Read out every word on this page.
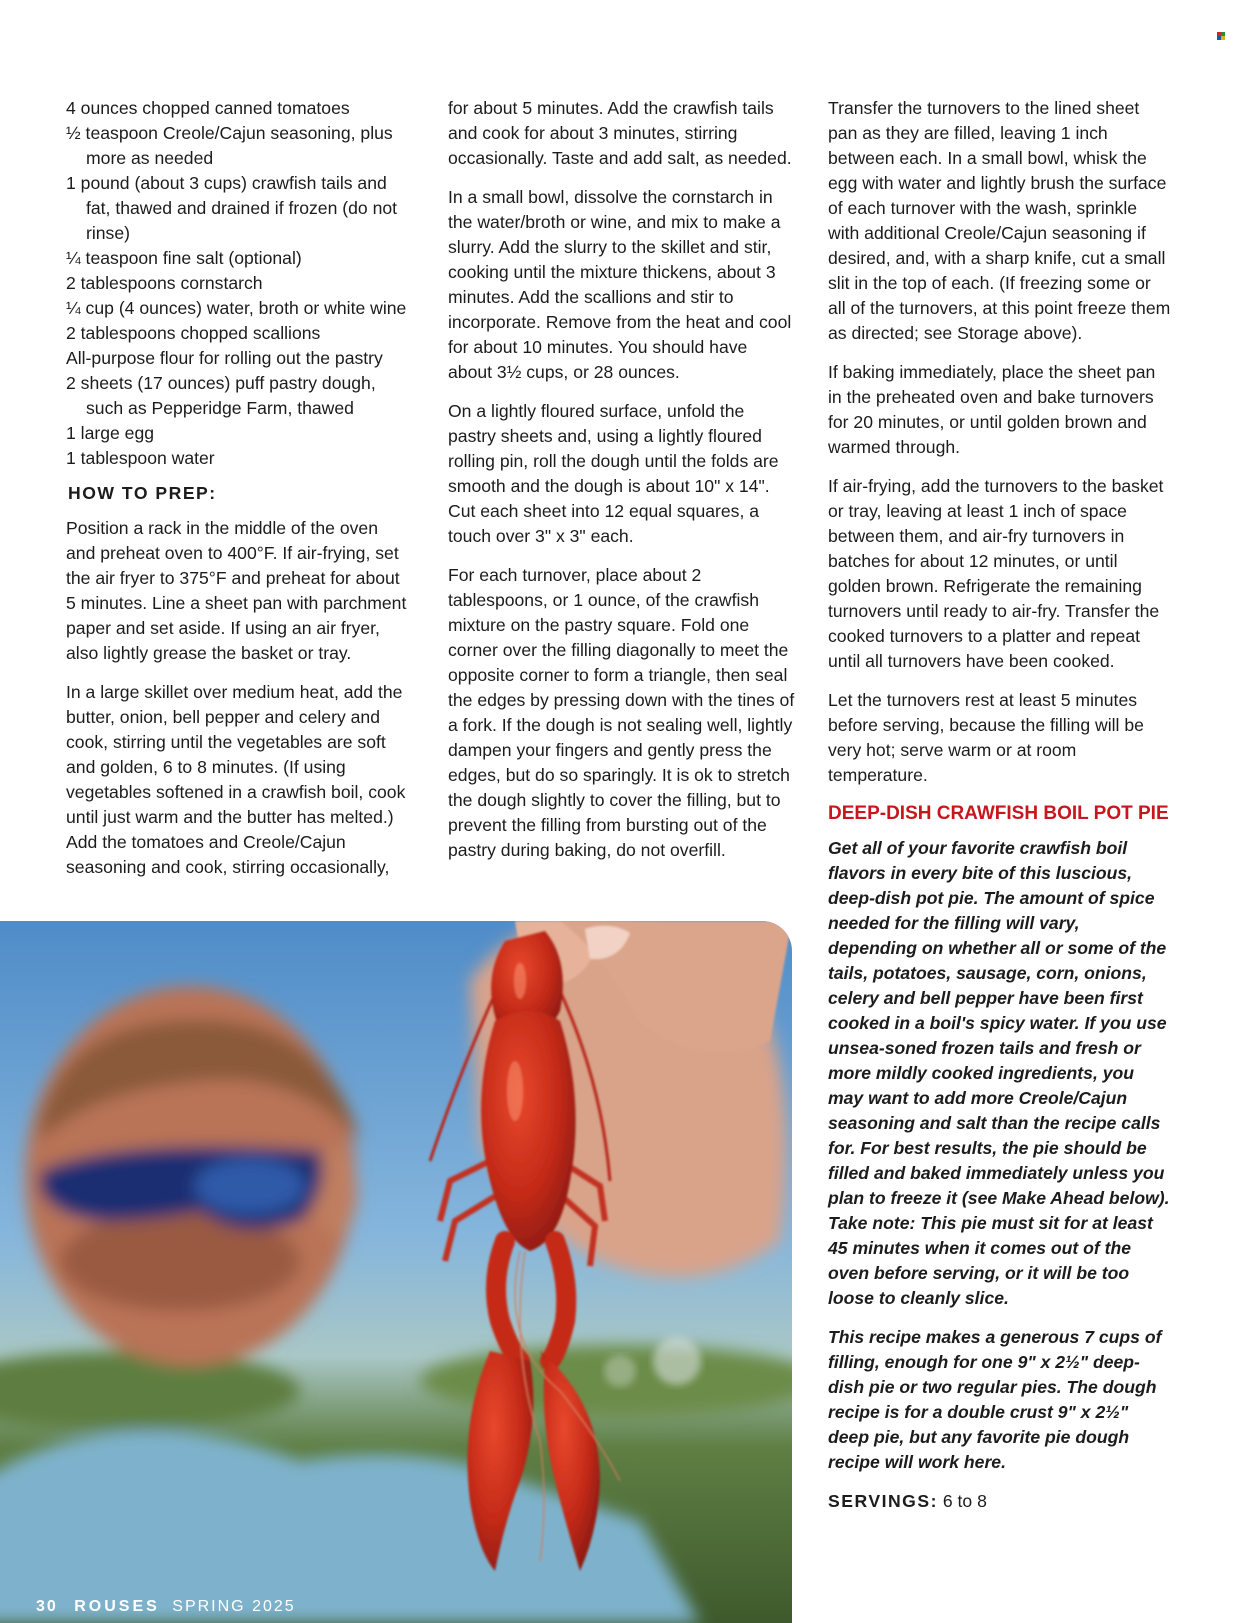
4 ounces chopped canned tomatoes
½ teaspoon Creole/Cajun seasoning, plus more as needed
1 pound (about 3 cups) crawfish tails and fat, thawed and drained if frozen (do not rinse)
¼ teaspoon fine salt (optional)
2 tablespoons cornstarch
¼ cup (4 ounces) water, broth or white wine
2 tablespoons chopped scallions
All-purpose flour for rolling out the pastry
2 sheets (17 ounces) puff pastry dough, such as Pepperidge Farm, thawed
1 large egg
1 tablespoon water
HOW TO PREP:

Position a rack in the middle of the oven and preheat oven to 400°F. If air-frying, set the air fryer to 375°F and preheat for about 5 minutes. Line a sheet pan with parchment paper and set aside. If using an air fryer, also lightly grease the basket or tray.

In a large skillet over medium heat, add the butter, onion, bell pepper and celery and cook, stirring until the vegetables are soft and golden, 6 to 8 minutes. (If using vegetables softened in a crawfish boil, cook until just warm and the butter has melted.) Add the tomatoes and Creole/Cajun seasoning and cook, stirring occasionally,

for about 5 minutes. Add the crawfish tails and cook for about 3 minutes, stirring occasionally. Taste and add salt, as needed.

In a small bowl, dissolve the cornstarch in the water/broth or wine, and mix to make a slurry. Add the slurry to the skillet and stir, cooking until the mixture thickens, about 3 minutes. Add the scallions and stir to incorporate. Remove from the heat and cool for about 10 minutes. You should have about 3½ cups, or 28 ounces.

On a lightly floured surface, unfold the pastry sheets and, using a lightly floured rolling pin, roll the dough until the folds are smooth and the dough is about 10" x 14". Cut each sheet into 12 equal squares, a touch over 3" x 3" each.

For each turnover, place about 2 tablespoons, or 1 ounce, of the crawfish mixture on the pastry square. Fold one corner over the filling diagonally to meet the opposite corner to form a triangle, then seal the edges by pressing down with the tines of a fork. If the dough is not sealing well, lightly dampen your fingers and gently press the edges, but do so sparingly. It is ok to stretch the dough slightly to cover the filling, but to prevent the filling from bursting out of the pastry during baking, do not overfill.

Transfer the turnovers to the lined sheet pan as they are filled, leaving 1 inch between each. In a small bowl, whisk the egg with water and lightly brush the surface of each turnover with the wash, sprinkle with additional Creole/Cajun seasoning if desired, and, with a sharp knife, cut a small slit in the top of each. (If freezing some or all of the turnovers, at this point freeze them as directed; see Storage above).

If baking immediately, place the sheet pan in the preheated oven and bake turnovers for 20 minutes, or until golden brown and warmed through.

If air-frying, add the turnovers to the basket or tray, leaving at least 1 inch of space between them, and air-fry turnovers in batches for about 12 minutes, or until golden brown. Refrigerate the remaining turnovers until ready to air-fry. Transfer the cooked turnovers to a platter and repeat until all turnovers have been cooked.

Let the turnovers rest at least 5 minutes before serving, because the filling will be very hot; serve warm or at room temperature.

DEEP-DISH CRAWFISH BOIL POT PIE

Get all of your favorite crawfish boil flavors in every bite of this luscious, deep-dish pot pie. The amount of spice needed for the filling will vary, depending on whether all or some of the tails, potatoes, sausage, corn, onions, celery and bell pepper have been first cooked in a boil's spicy water. If you use unsea-soned frozen tails and fresh or more mildly cooked ingredients, you may want to add more Creole/Cajun seasoning and salt than the recipe calls for. For best results, the pie should be filled and baked immediately unless you plan to freeze it (see Make Ahead below). Take note: This pie must sit for at least 45 minutes when it comes out of the oven before serving, or it will be too loose to cleanly slice.

This recipe makes a generous 7 cups of filling, enough for one 9" x 2½" deep-dish pie or two regular pies. The dough recipe is for a double crust 9" x 2½" deep pie, but any favorite pie dough recipe will work here.

SERVINGS: 6 to 8

30 ROUSES SPRING 2025
